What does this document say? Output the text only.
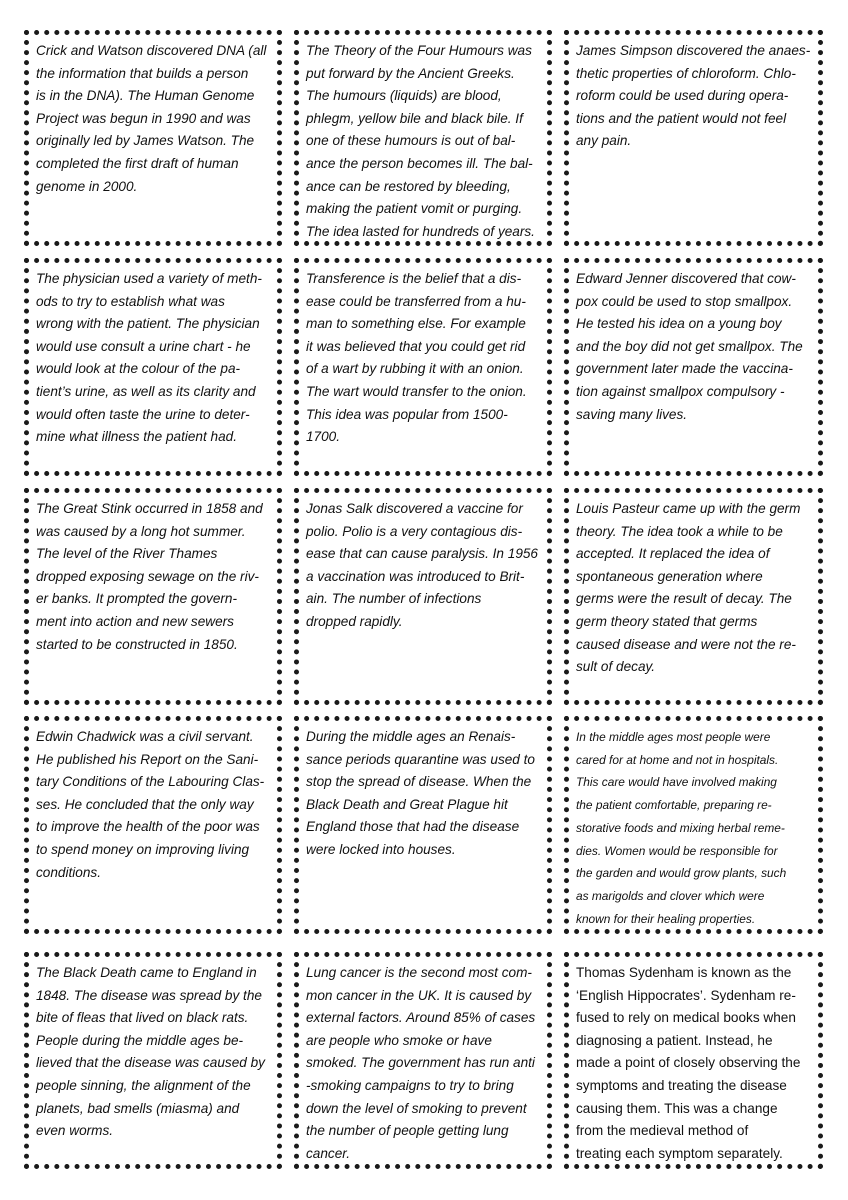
Crick and Watson discovered DNA (all
the information that builds a person
is in the DNA). The Human Genome
Project was begun in 1990 and was
originally led by James Watson. The
completed the first draft of human
genome in 2000.

The Theory of the Four Humours was
put forward by the Ancient Greeks.
The humours (liquids) are blood,
phlegm, yellow bile and black bile. If
one of these humours is out of bal-
ance the person becomes ill. The bal-
ance can be restored by bleeding,
making the patient vomit or purging.
The idea lasted for hundreds of years.

James Simpson discovered the anaes-
thetic properties of chloroform. Chlo-
roform could be used during opera-
tions and the patient would not feel
any pain.

The physician used a variety of meth-
ods to try to establish what was
wrong with the patient. The physician
would use consult a urine chart - he
would look at the colour of the pa-
tient’s urine, as well as its clarity and
would often taste the urine to deter-
mine what illness the patient had.

Transference is the belief that a dis-
ease could be transferred from a hu-
man to something else. For example
it was believed that you could get rid
of a wart by rubbing it with an onion.
The wart would transfer to the onion.
This idea was popular from 1500-
1700.

Edward Jenner discovered that cow-
pox could be used to stop smallpox.
He tested his idea on a young boy
and the boy did not get smallpox. The
government later made the vaccina-
tion against smallpox compulsory -
saving many lives.

The Great Stink occurred in 1858 and
was caused by a long hot summer.
The level of the River Thames
dropped exposing sewage on the riv-
er banks. It prompted the govern-
ment into action and new sewers
started to be constructed in 1850.

Jonas Salk discovered a vaccine for
polio. Polio is a very contagious dis-
ease that can cause paralysis. In 1956
a vaccination was introduced to Brit-
ain. The number of infections
dropped rapidly.

Louis Pasteur came up with the germ
theory. The idea took a while to be
accepted. It replaced the idea of
spontaneous generation where
germs were the result of decay. The
germ theory stated that germs
caused disease and were not the re-
sult of decay.

Edwin Chadwick was a civil servant.
He published his Report on the Sani-
tary Conditions of the Labouring Clas-
ses. He concluded that the only way
to improve the health of the poor was
to spend money on improving living
conditions.

During the middle ages an Renais-
sance periods quarantine was used to
stop the spread of disease. When the
Black Death and Great Plague hit
England those that had the disease
were locked into houses.

In the middle ages most people were
cared for at home and not in hospitals.
This care would have involved making
the patient comfortable, preparing re-
storative foods and mixing herbal reme-
dies. Women would be responsible for
the garden and would grow plants, such
as marigolds and clover which were
known for their healing properties.

The Black Death came to England in
1848. The disease was spread by the
bite of fleas that lived on black rats.
People during the middle ages be-
lieved that the disease was caused by
people sinning, the alignment of the
planets, bad smells (miasma) and
even worms.

Lung cancer is the second most com-
mon cancer in the UK. It is caused by
external factors. Around 85% of cases
are people who smoke or have
smoked. The government has run anti
-smoking campaigns to try to bring
down the level of smoking to prevent
the number of people getting lung
cancer.

Thomas Sydenham is known as the
‘English Hippocrates’. Sydenham re-
fused to rely on medical books when
diagnosing a patient. Instead, he
made a point of closely observing the
symptoms and treating the disease
causing them. This was a change
from the medieval method of
treating each symptom separately.
